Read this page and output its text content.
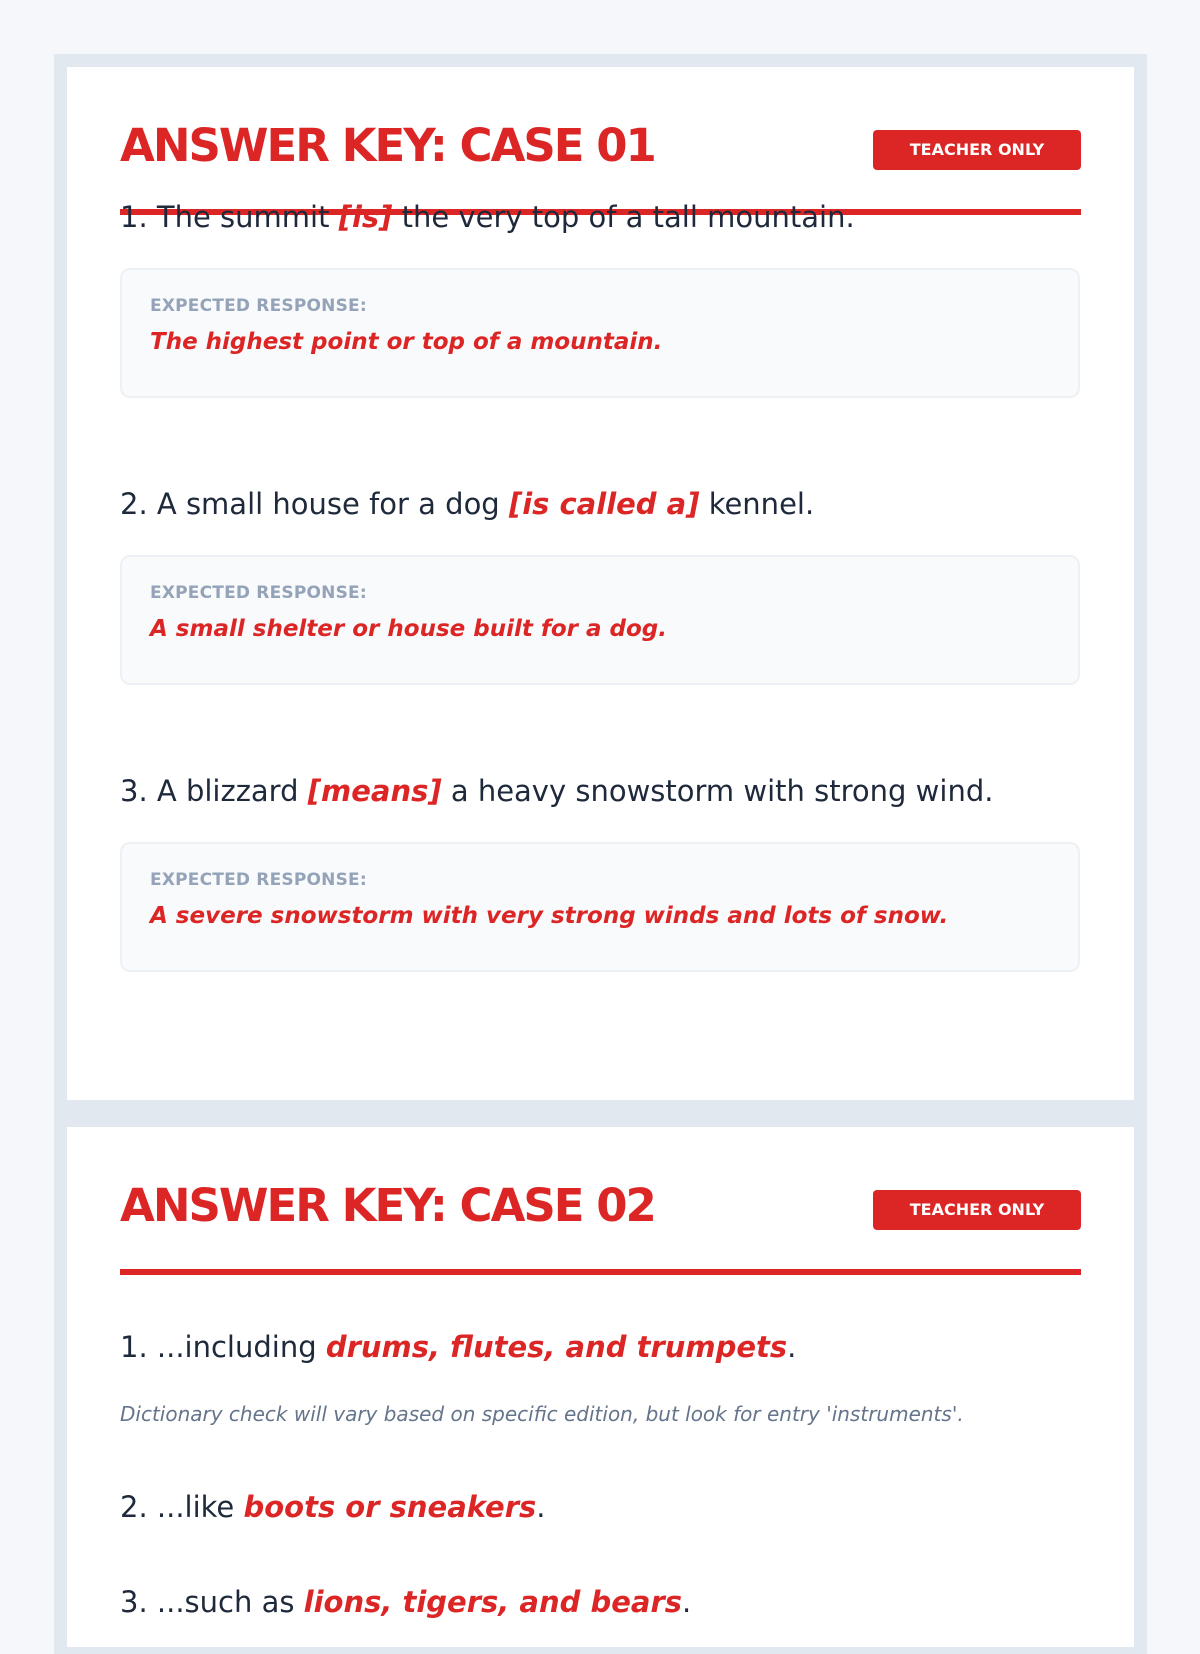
ANSWER KEY: CASE 01	TEACHER ONLY
1. The summit [is] the very top of a tall mountain.
EXPECTED RESPONSE:
The highest point or top of a mountain.
2. A small house for a dog [is called a] kennel.
EXPECTED RESPONSE:
A small shelter or house built for a dog.
3. A blizzard [means] a heavy snowstorm with strong wind.
EXPECTED RESPONSE:
A severe snowstorm with very strong winds and lots of snow.
ANSWER KEY: CASE 02	TEACHER ONLY
1. ...including drums, flutes, and trumpets.
Dictionary check will vary based on specific edition, but look for entry 'instruments'.
2. ...like boots or sneakers.
3. ...such as lions, tigers, and bears.
